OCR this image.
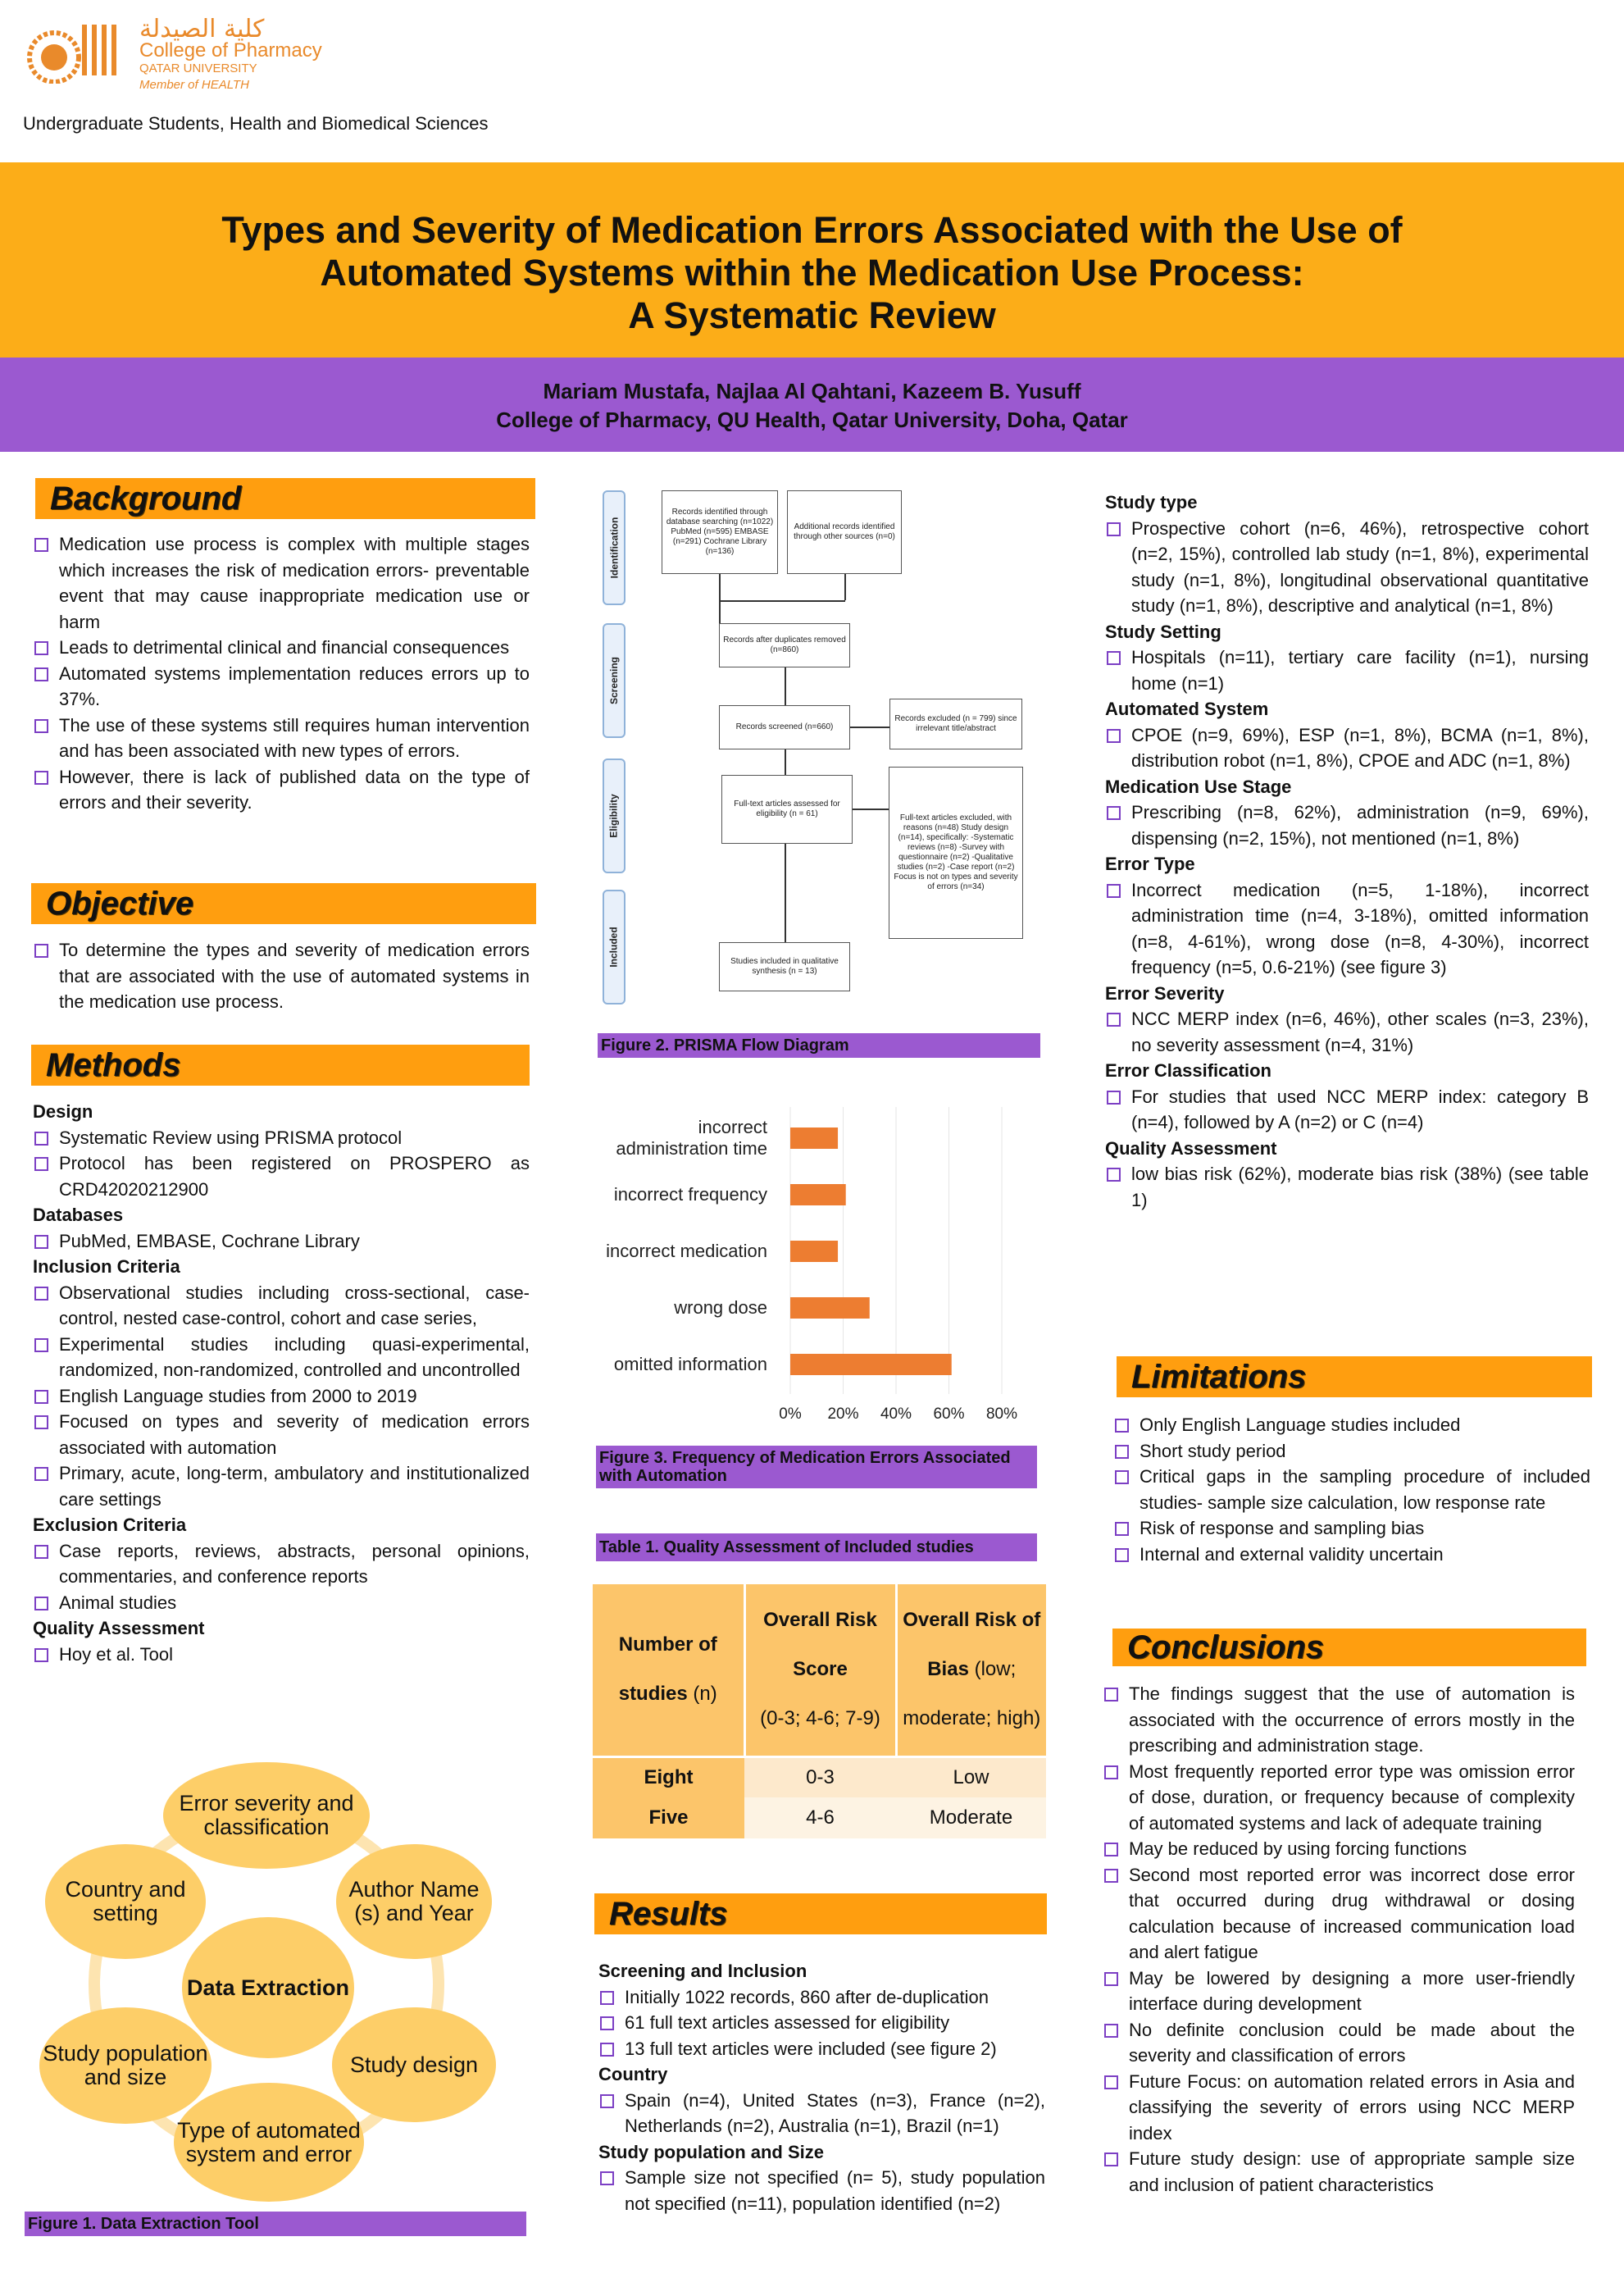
كلية الصيدلة
College of Pharmacy
QATAR UNIVERSITY
Member of HEALTH
Undergraduate Students, Health and Biomedical Sciences
Types and Severity of Medication Errors Associated with the Use of
Automated Systems within the Medication Use Process:
A Systematic Review
Mariam Mustafa, Najlaa Al Qahtani, Kazeem B. Yusuff
College of Pharmacy, QU Health, Qatar University, Doha, Qatar
Background

Medication use process is complex with multiple stages which increases the risk of medication errors- preventable event that may cause inappropriate medication use or harm

Leads to detrimental clinical and financial consequences

Automated systems implementation reduces errors up to 37%.

The use of these systems still requires human intervention and has been associated with new types of errors.

However, there is lack of published data on the type of errors and their severity.

Objective

To determine the types and severity of medication errors that are associated with the use of automated systems in the medication use process.

Methods

Design

Systematic Review using PRISMA protocol

Protocol has been registered on PROSPERO as CRD42020212900

Databases

PubMed, EMBASE, Cochrane Library

Inclusion Criteria

Observational studies including cross-sectional, case-control, nested case-control, cohort and case series,

Experimental studies including quasi-experimental, randomized, non-randomized, controlled and uncontrolled

English Language studies from 2000 to 2019

Focused on types and severity of medication errors associated with automation

Primary, acute, long-term, ambulatory and institutionalized care settings

Exclusion Criteria

Case reports, reviews, abstracts, personal opinions, commentaries, and conference reports

Animal studies

Quality Assessment

Hoy et al. Tool

Error severity and classification
Author Name (s) and Year
Study design
Type of automated system and error
Study population and size
Country and setting
Data Extraction
Figure 1. Data Extraction Tool
Identification
Screening
Eligibility
Included
Records identified through database searching (n=1022) PubMed (n=595) EMBASE (n=291) Cochrane Library (n=136)
Additional records identified through other sources (n=0)
Records after duplicates removed (n=860)
Records screened (n=660)
Records excluded (n = 799) since irrelevant title/abstract
Full-text articles assessed for eligibility (n = 61)	Full-text articles excluded, with reasons (n=48) Study design (n=14), specifically: -Systematic reviews (n=8) -Survey with questionnaire (n=2) -Qualitative studies (n=2) -Case report (n=2) Focus is not on types and severity of errors (n=34)
Studies included in qualitative synthesis (n = 13)
Figure 2. PRISMA Flow Diagram
0% 20% 40% 60% 80%
incorrect
administration time
incorrect frequency
incorrect medication
wrong dose
omitted information
Figure 3. Frequency of Medication Errors Associated
with Automation
Table 1. Quality Assessment of Included studies
Number of
studies (n)	Overall Risk
Score
(0-3; 4-6; 7-9)	Overall Risk of
Bias (low;
moderate; high)
Eight	0-3	Low
Five	4-6	Moderate
Results

Screening and Inclusion

Initially 1022 records, 860 after de-duplication

61 full text articles assessed for eligibility

13 full text articles were included (see figure 2)

Country

Spain (n=4), United States (n=3), France (n=2), Netherlands (n=2), Australia (n=1), Brazil (n=1)

Study population and Size

Sample size not specified (n= 5), study population not specified (n=11), population identified (n=2)

Study type

Prospective cohort (n=6, 46%), retrospective cohort (n=2, 15%), controlled lab study (n=1, 8%), experimental study (n=1, 8%), longitudinal observational quantitative study (n=1, 8%), descriptive and analytical (n=1, 8%)

Study Setting

Hospitals (n=11), tertiary care facility (n=1), nursing home (n=1)

Automated System

CPOE (n=9, 69%), ESP (n=1, 8%), BCMA (n=1, 8%), distribution robot (n=1, 8%), CPOE and ADC (n=1, 8%)

Medication Use Stage

Prescribing (n=8, 62%), administration (n=9, 69%), dispensing (n=2, 15%), not mentioned (n=1, 8%)

Error Type

Incorrect medication (n=5, 1-18%), incorrect administration time (n=4, 3-18%), omitted information (n=8, 4-61%), wrong dose (n=8, 4-30%), incorrect frequency (n=5, 0.6-21%) (see figure 3)

Error Severity

NCC MERP index (n=6, 46%), other scales (n=3, 23%), no severity assessment (n=4, 31%)

Error Classification

For studies that used NCC MERP index: category B (n=4), followed by A (n=2) or C (n=4)

Quality Assessment

low bias risk (62%), moderate bias risk (38%) (see table 1)

Limitations

Only English Language studies included

Short study period

Critical gaps in the sampling procedure of included studies- sample size calculation, low response rate

Risk of response and sampling bias

Internal and external validity uncertain

Conclusions

The findings suggest that the use of automation is associated with the occurrence of errors mostly in the prescribing and administration stage.

Most frequently reported error type was omission error of dose, duration, or frequency because of complexity of automated systems and lack of adequate training

May be reduced by using forcing functions

Second most reported error was incorrect dose error that occurred during drug withdrawal or dosing calculation because of increased communication load and alert fatigue

May be lowered by designing a more user-friendly interface during development

No definite conclusion could be made about the severity and classification of errors

Future Focus: on automation related errors in Asia and classifying the severity of errors using NCC MERP index

Future study design: use of appropriate sample size and inclusion of patient characteristics
